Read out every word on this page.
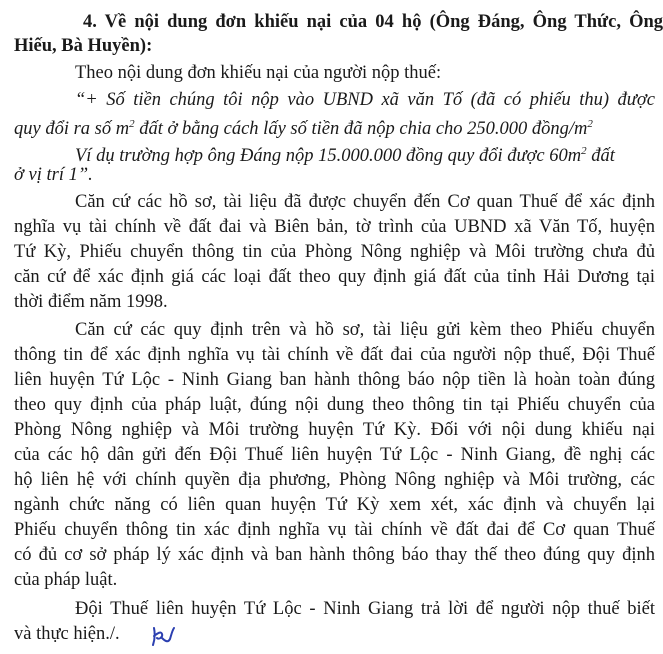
4. Về nội dung đơn khiếu nại của 04 hộ (Ông Đáng, Ông Thức, Ông
Hiếu, Bà Huyền):
Theo nội dung đơn khiếu nại của người nộp thuế:
“+ Số tiền chúng tôi nộp vào UBND xã văn Tố (đã có phiếu thu) được
quy đổi ra số $m^2$ đất ở bằng cách lấy số tiền đã nộp chia cho 250.000 đồng/$m^2$
Ví dụ trường hợp ông Đáng nộp 15.000.000 đồng quy đổi được $60m^2$ đất
ở vị trí 1”.
Căn cứ các hồ sơ, tài liệu đã được chuyển đến Cơ quan Thuế để xác định
nghĩa vụ tài chính về đất đai và Biên bản, tờ trình của UBND xã Văn Tố, huyện
Tứ Kỳ, Phiếu chuyển thông tin của Phòng Nông nghiệp và Môi trường chưa đủ
căn cứ để xác định giá các loại đất theo quy định giá đất của tỉnh Hải Dương tại
thời điểm năm 1998.
Căn cứ các quy định trên và hồ sơ, tài liệu gửi kèm theo Phiếu chuyển
thông tin để xác định nghĩa vụ tài chính về đất đai của người nộp thuế, Đội Thuế
liên huyện Tứ Lộc - Ninh Giang ban hành thông báo nộp tiền là hoàn toàn đúng
theo quy định của pháp luật, đúng nội dung theo thông tin tại Phiếu chuyển của
Phòng Nông nghiệp và Môi trường huyện Tứ Kỳ. Đối với nội dung khiếu nại
của các hộ dân gửi đến Đội Thuế liên huyện Tứ Lộc - Ninh Giang, đề nghị các
hộ liên hệ với chính quyền địa phương, Phòng Nông nghiệp và Môi trường, các
ngành chức năng có liên quan huyện Tứ Kỳ xem xét, xác định và chuyển lại
Phiếu chuyển thông tin xác định nghĩa vụ tài chính về đất đai để Cơ quan Thuế
có đủ cơ sở pháp lý xác định và ban hành thông báo thay thế theo đúng quy định
của pháp luật.
Đội Thuế liên huyện Tứ Lộc - Ninh Giang trả lời để người nộp thuế biết
và thực hiện./.
